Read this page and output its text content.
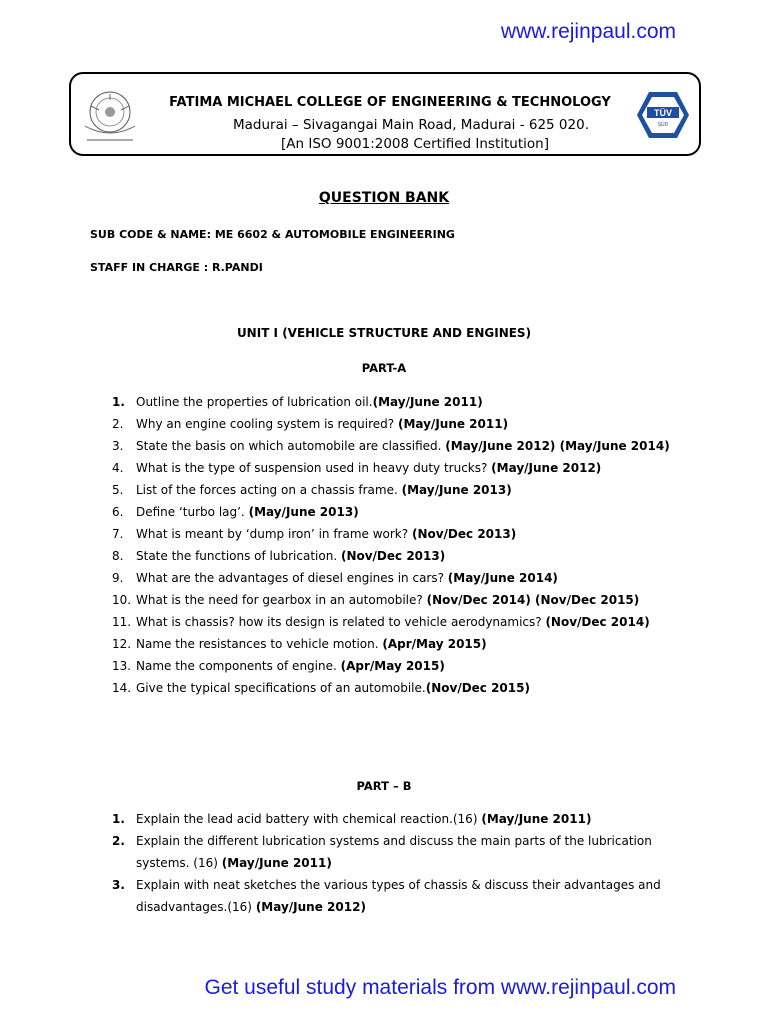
www.rejinpaul.com
FATIMA MICHAEL COLLEGE OF ENGINEERING & TECHNOLOGY
Madurai – Sivagangai Main Road, Madurai - 625 020.
[An ISO 9001:2008 Certified Institution]
TÜV
SÜD
QUESTION BANK
SUB CODE & NAME: ME 6602 & AUTOMOBILE ENGINEERING
STAFF IN CHARGE : R.PANDI
UNIT I (VEHICLE STRUCTURE AND ENGINES)
PART-A
1. Outline the properties of lubrication oil.(May/June 2011)
2. Why an engine cooling system is required? (May/June 2011)
3. State the basis on which automobile are classified. (May/June 2012) (May/June 2014)
4. What is the type of suspension used in heavy duty trucks? (May/June 2012)
5. List of the forces acting on a chassis frame. (May/June 2013)
6. Define ‘turbo lag’. (May/June 2013)
7. What is meant by ‘dump iron’ in frame work? (Nov/Dec 2013)
8. State the functions of lubrication. (Nov/Dec 2013)
9. What are the advantages of diesel engines in cars? (May/June 2014)
10. What is the need for gearbox in an automobile? (Nov/Dec 2014) (Nov/Dec 2015)
11. What is chassis? how its design is related to vehicle aerodynamics? (Nov/Dec 2014)
12. Name the resistances to vehicle motion. (Apr/May 2015)
13. Name the components of engine. (Apr/May 2015)
14. Give the typical specifications of an automobile.(Nov/Dec 2015)
PART – B
1. Explain the lead acid battery with chemical reaction.(16) (May/June 2011)
2. Explain the different lubrication systems and discuss the main parts of the lubrication systems. (16) (May/June 2011)
3. Explain with neat sketches the various types of chassis & discuss their advantages and disadvantages.(16) (May/June 2012)
Get useful study materials from www.rejinpaul.com
